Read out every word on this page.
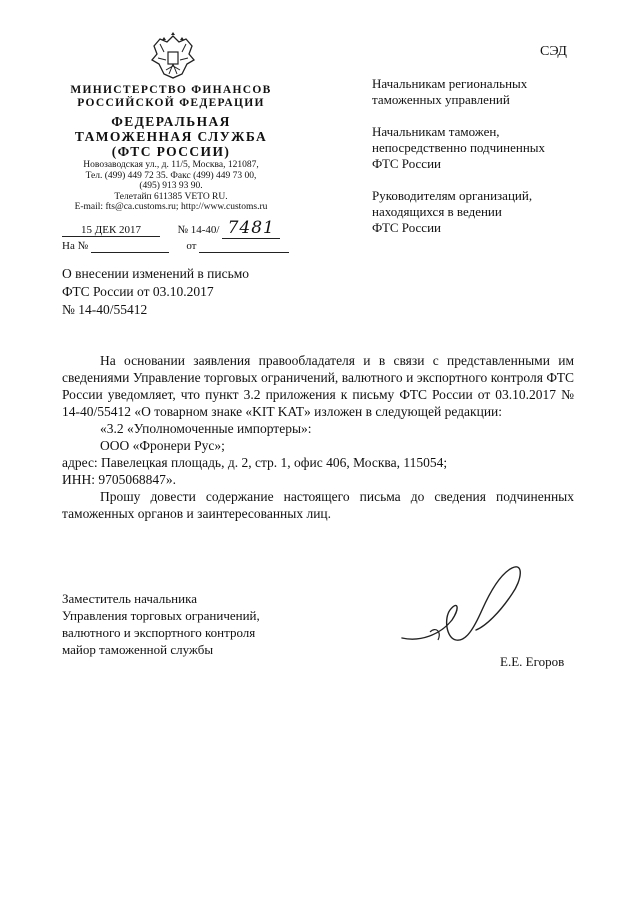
МИНИСТЕРСТВО ФИНАНСОВ
РОССИЙСКОЙ ФЕДЕРАЦИИ
ФЕДЕРАЛЬНАЯ
ТАМОЖЕННАЯ СЛУЖБА
(ФТС РОССИИ)
Новозаводская ул., д. 11/5, Москва, 121087,
Тел. (499) 449 72 35. Факс (499) 449 73 00,
(495) 913 93 90.
Телетайп 611385 VETO RU.
E-mail: fts@ca.customs.ru; http://www.customs.ru
15 ДЕК 2017	№ 14-40/ 7481
На №	от
СЭД
Начальникам региональных
таможенных управлений
Начальникам таможен,
непосредственно подчиненных
ФТС России
Руководителям организаций,
находящихся в ведении
ФТС России
О внесении изменений в письмо
ФТС России от 03.10.2017
№ 14-40/55412

На основании заявления правообладателя и в связи с представленными им сведениями Управление торговых ограничений, валютного и экспортного контроля ФТС России уведомляет, что пункт 3.2 приложения к письму ФТС России от 03.10.2017 № 14-40/55412 «О товарном знаке «KIT KAT» изложен в следующей редакции:

«3.2 «Уполномоченные импортеры»:

ООО «Фронери Рус»;

адрес: Павелецкая площадь, д. 2, стр. 1, офис 406, Москва, 115054;

ИНН: 9705068847».

Прошу довести содержание настоящего письма до сведения подчиненных таможенных органов и заинтересованных лиц.

Заместитель начальника
Управления торговых ограничений,
валютного и экспортного контроля
майор таможенной службы
Е.Е. Егоров
